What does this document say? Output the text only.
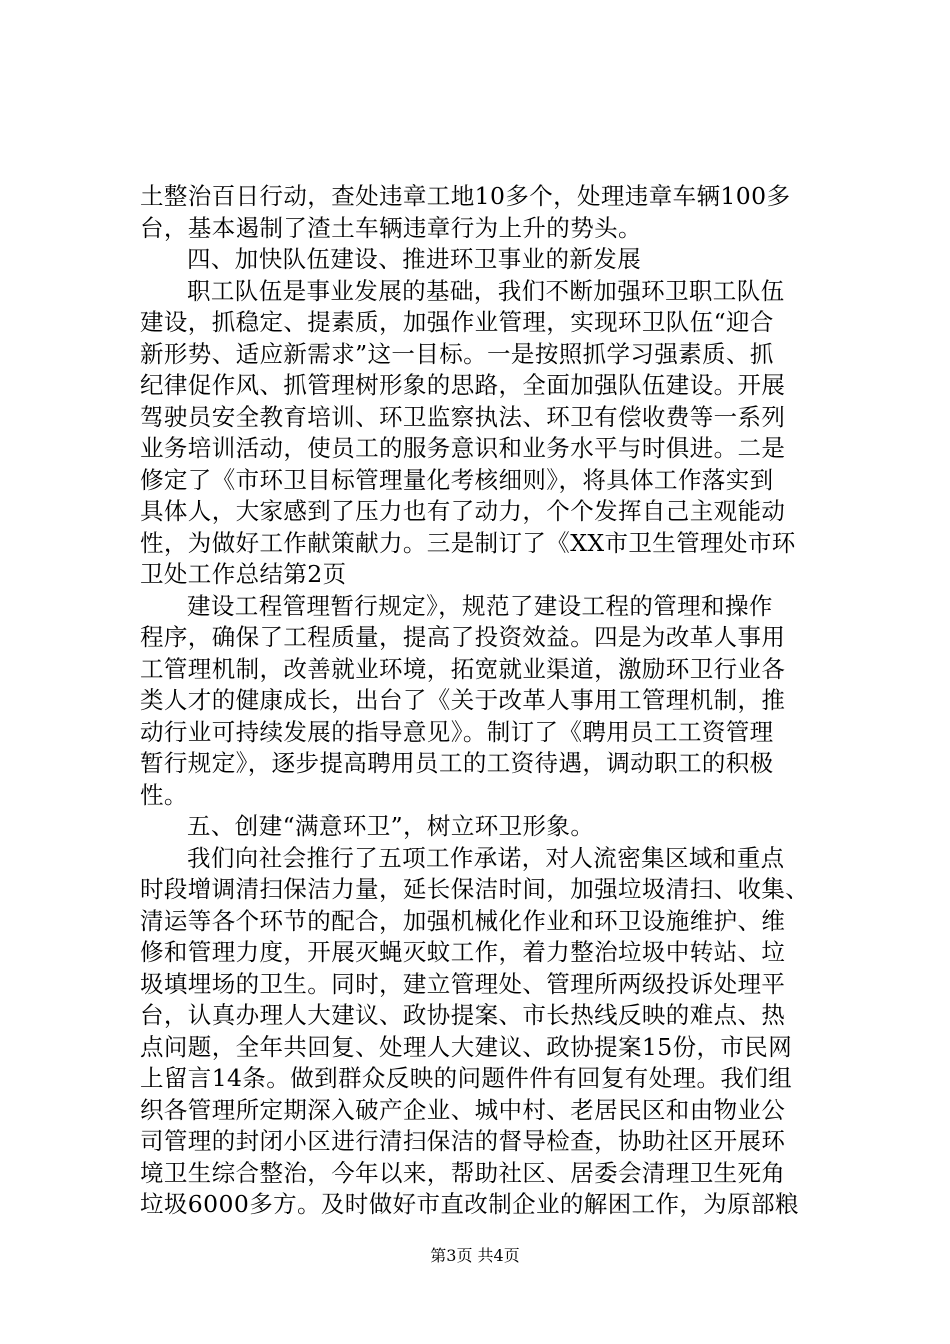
土整治百日行动，查处违章工地10多个，处理违章车辆100多
台，基本遏制了渣土车辆违章行为上升的势头。
四、加快队伍建设、推进环卫事业的新发展
职工队伍是事业发展的基础，我们不断加强环卫职工队伍
建设，抓稳定、提素质，加强作业管理，实现环卫队伍“迎合
新形势、适应新需求”这一目标。一是按照抓学习强素质、抓
纪律促作风、抓管理树形象的思路，全面加强队伍建设。开展
驾驶员安全教育培训、环卫监察执法、环卫有偿收费等一系列
业务培训活动，使员工的服务意识和业务水平与时俱进。二是
修定了《市环卫目标管理量化考核细则》，将具体工作落实到
具体人，大家感到了压力也有了动力，个个发挥自己主观能动
性，为做好工作献策献力。三是制订了《XX市卫生管理处市环
卫处工作总结第2页
建设工程管理暂行规定》，规范了建设工程的管理和操作
程序，确保了工程质量，提高了投资效益。四是为改革人事用
工管理机制，改善就业环境，拓宽就业渠道，激励环卫行业各
类人才的健康成长，出台了《关于改革人事用工管理机制，推
动行业可持续发展的指导意见》。制订了《聘用员工工资管理
暂行规定》，逐步提高聘用员工的工资待遇，调动职工的积极
性。
五、创建“满意环卫”，树立环卫形象。
我们向社会推行了五项工作承诺，对人流密集区域和重点
时段增调清扫保洁力量，延长保洁时间，加强垃圾清扫、收集、
清运等各个环节的配合，加强机械化作业和环卫设施维护、维
修和管理力度，开展灭蝇灭蚊工作，着力整治垃圾中转站、垃
圾填埋场的卫生。同时，建立管理处、管理所两级投诉处理平
台，认真办理人大建议、政协提案、市长热线反映的难点、热
点问题，全年共回复、处理人大建议、政协提案15份，市民网
上留言14条。做到群众反映的问题件件有回复有处理。我们组
织各管理所定期深入破产企业、城中村、老居民区和由物业公
司管理的封闭小区进行清扫保洁的督导检查，协助社区开展环
境卫生综合整治，今年以来，帮助社区、居委会清理卫生死角
垃圾6000多方。及时做好市直改制企业的解困工作，为原部粮
第3页 共4页
